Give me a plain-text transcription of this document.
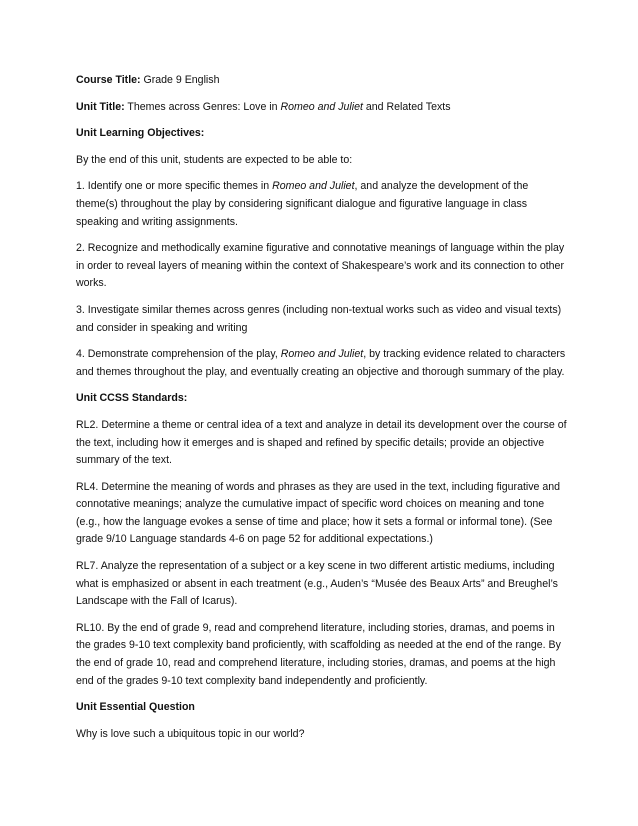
Course Title: Grade 9 English
Unit Title: Themes across Genres: Love in Romeo and Juliet and Related Texts
Unit Learning Objectives:
By the end of this unit, students are expected to be able to:
1. Identify one or more specific themes in Romeo and Juliet, and analyze the development of the theme(s) throughout the play by considering significant dialogue and figurative language in class speaking and writing assignments.
2. Recognize and methodically examine figurative and connotative meanings of language within the play in order to reveal layers of meaning within the context of Shakespeare’s work and its connection to other works.
3. Investigate similar themes across genres (including non-textual works such as video and visual texts) and consider in speaking and writing
4. Demonstrate comprehension of the play, Romeo and Juliet, by tracking evidence related to characters and themes throughout the play, and eventually creating an objective and thorough summary of the play.
Unit CCSS Standards:
RL2. Determine a theme or central idea of a text and analyze in detail its development over the course of the text, including how it emerges and is shaped and refined by specific details; provide an objective summary of the text.
RL4. Determine the meaning of words and phrases as they are used in the text, including figurative and connotative meanings; analyze the cumulative impact of specific word choices on meaning and tone (e.g., how the language evokes a sense of time and place; how it sets a formal or informal tone). (See grade 9/10 Language standards 4-6 on page 52 for additional expectations.)
RL7. Analyze the representation of a subject or a key scene in two different artistic mediums, including what is emphasized or absent in each treatment (e.g., Auden’s “Musée des Beaux Arts” and Breughel’s Landscape with the Fall of Icarus).
RL10. By the end of grade 9, read and comprehend literature, including stories, dramas, and poems in the grades 9-10 text complexity band proficiently, with scaffolding as needed at the end of the range. By the end of grade 10, read and comprehend literature, including stories, dramas, and poems at the high end of the grades 9-10 text complexity band independently and proficiently.
Unit Essential Question
Why is love such a ubiquitous topic in our world?
